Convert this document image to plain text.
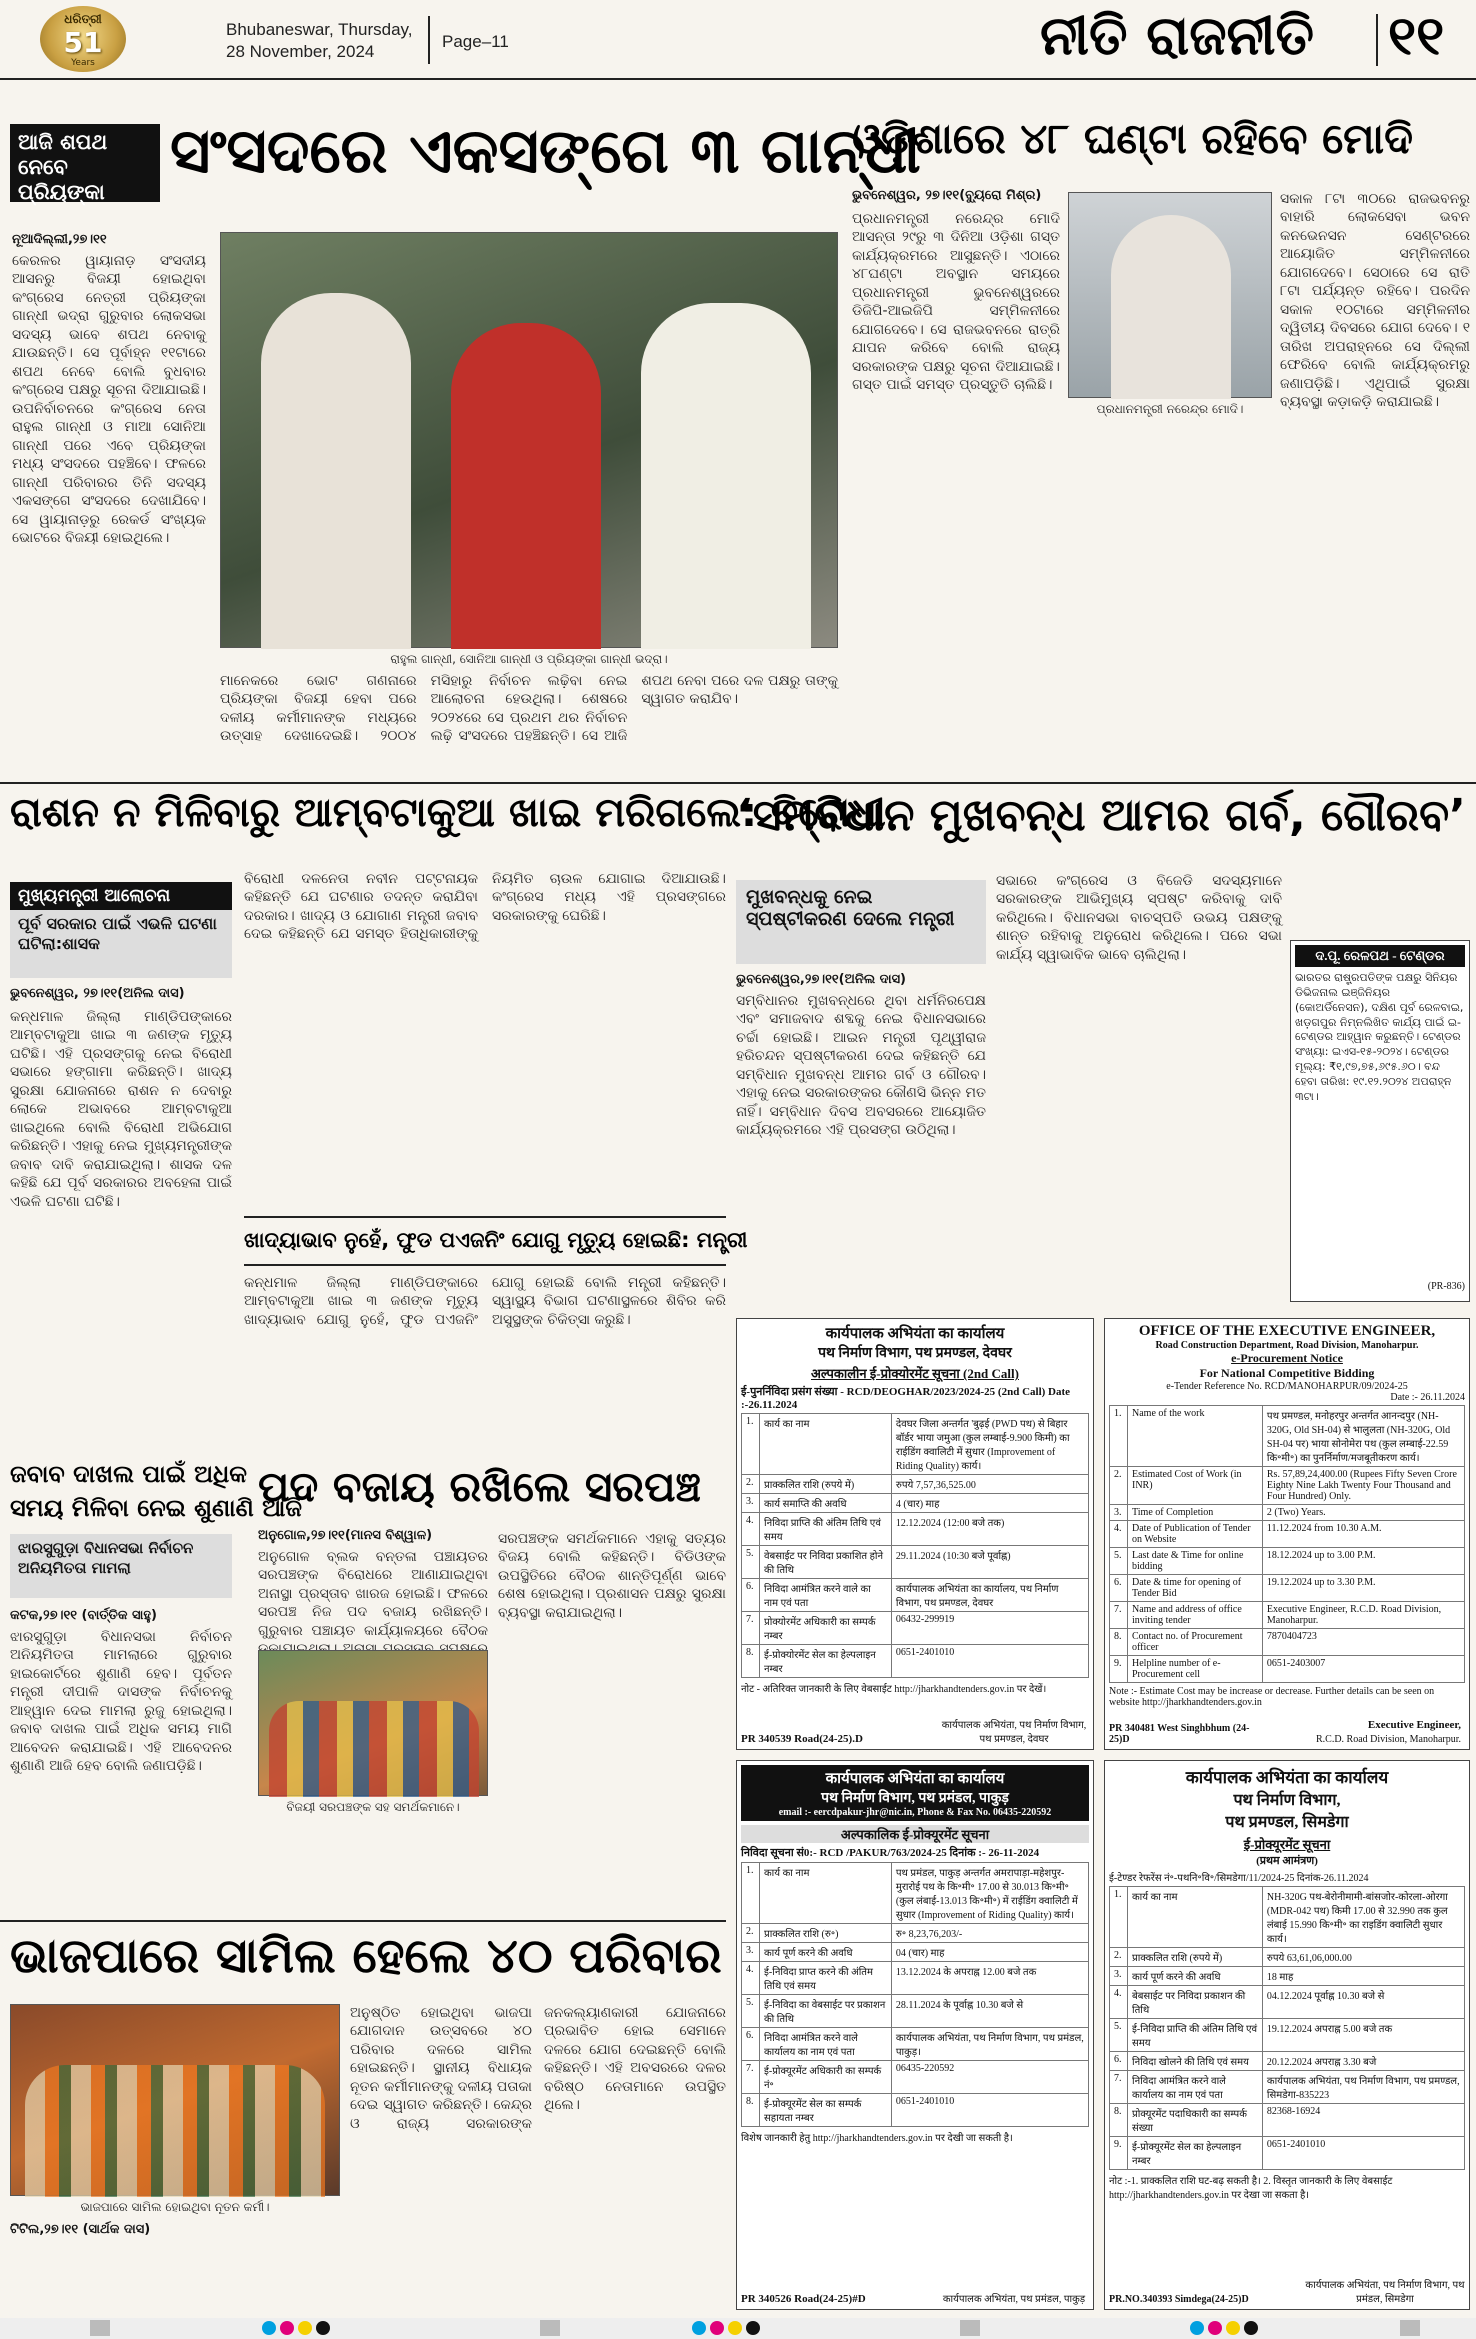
ଧରିତ୍ରୀ
51
Years
Bhubaneswar, Thursday,
28 November, 2024
Page–11	ନୀତି ରାଜନୀତି ୧୧
ଆଜି ଶପଥ
ନେବେ ପ୍ରିୟଙ୍କା
ସଂସଦରେ ଏକସଙ୍ଗେ ୩ ଗାନ୍ଧୀ
ନୂଆଦିଲ୍ଲୀ,୨୭।୧୧
କେରଳର ୱାୟାନାଡ଼ ସଂସଦୀୟ ଆସନରୁ ବିଜୟୀ ହୋଇଥିବା କଂଗ୍ରେସ ନେତ୍ରୀ ପ୍ରିୟଙ୍କା ଗାନ୍ଧୀ ଭଦ୍ରା ଗୁରୁବାର ଲୋକସଭା ସଦସ୍ୟ ଭାବେ ଶପଥ ନେବାକୁ ଯାଉଛନ୍ତି। ସେ ପୂର୍ବାହ୍ନ ୧୧ଟାରେ ଶପଥ ନେବେ ବୋଲି ବୁଧବାର କଂଗ୍ରେସ ପକ୍ଷରୁ ସୂଚନା ଦିଆଯାଇଛି। ଉପନିର୍ବାଚନରେ କଂଗ୍ରେସ ନେତା ରାହୁଲ ଗାନ୍ଧୀ ଓ ମାଆ ସୋନିଆ ଗାନ୍ଧୀ ପରେ ଏବେ ପ୍ରିୟଙ୍କା ମଧ୍ୟ ସଂସଦରେ ପହଞ୍ଚିବେ। ଫଳରେ ଗାନ୍ଧୀ ପରିବାରର ତିନି ସଦସ୍ୟ ଏକସଙ୍ଗେ ସଂସଦରେ ଦେଖାଯିବେ। ସେ ୱାୟାନାଡ଼ରୁ ରେକର୍ଡ ସଂଖ୍ୟକ ଭୋଟରେ ବିଜୟୀ ହୋଇଥିଲେ।
ରାହୁଲ ଗାନ୍ଧୀ, ସୋନିଆ ଗାନ୍ଧୀ ଓ ପ୍ରିୟଙ୍କା ଗାନ୍ଧୀ ଭଦ୍ରା।
ମାନେକରେ ଭୋଟ ଗଣନାରେ ପ୍ରିୟଙ୍କା ବିଜୟୀ ହେବା ପରେ ଦଳୀୟ କର୍ମୀମାନଙ୍କ ମଧ୍ୟରେ ଉତ୍ସାହ ଦେଖାଦେଇଛି। ୨୦୦୪ ମସିହାରୁ ନିର୍ବାଚନ ଲଢ଼ିବା ନେଇ ଆଲୋଚନା ହେଉଥିଲା। ଶେଷରେ ୨୦୨୪ରେ ସେ ପ୍ରଥମ ଥର ନିର୍ବାଚନ ଲଢ଼ି ସଂସଦରେ ପହଞ୍ଚିଛନ୍ତି। ସେ ଆଜି ଶପଥ ନେବା ପରେ ଦଳ ପକ୍ଷରୁ ତାଙ୍କୁ ସ୍ୱାଗତ କରାଯିବ।
ଓଡ଼ିଶାରେ ୪୮ ଘଣ୍ଟା ରହିବେ ମୋଦି
ଭୁବନେଶ୍ୱର, ୨୭।୧୧(ବ୍ୟୁରୋ ମିଶ୍ର)
ପ୍ରଧାନମନ୍ତ୍ରୀ ନରେନ୍ଦ୍ର ମୋଦି ଆସନ୍ତା ୨୯ରୁ ୩ ଦିନିଆ ଓଡ଼ିଶା ଗସ୍ତ କାର୍ଯ୍ୟକ୍ରମରେ ଆସୁଛନ୍ତି। ଏଠାରେ ୪୮ଘଣ୍ଟା ଅବସ୍ଥାନ ସମୟରେ ପ୍ରଧାନମନ୍ତ୍ରୀ ଭୁବନେଶ୍ୱରରେ ଡିଜିପି-ଆଇଜିପି ସମ୍ମିଳନୀରେ ଯୋଗଦେବେ। ସେ ରାଜଭବନରେ ରାତ୍ରି ଯାପନ କରିବେ ବୋଲି ରାଜ୍ୟ ସରକାରଙ୍କ ପକ୍ଷରୁ ସୂଚନା ଦିଆଯାଇଛି। ଗସ୍ତ ପାଇଁ ସମସ୍ତ ପ୍ରସ୍ତୁତି ଚାଲିଛି।
ପ୍ରଧାନମନ୍ତ୍ରୀ ନରେନ୍ଦ୍ର ମୋଦି।
ସକାଳ ୮ଟା ୩୦ରେ ରାଜଭବନରୁ ବାହାରି ଲୋକସେବା ଭବନ କନଭେନସନ ସେଣ୍ଟରରେ ଆୟୋଜିତ ସମ୍ମିଳନୀରେ ଯୋଗଦେବେ। ସେଠାରେ ସେ ରାତି ୮ଟା ପର୍ଯ୍ୟନ୍ତ ରହିବେ। ପରଦିନ ସକାଳ ୧୦ଟାରେ ସମ୍ମିଳନୀର ଦ୍ୱିତୀୟ ଦିବସରେ ଯୋଗ ଦେବେ। ୧ ତାରିଖ ଅପରାହ୍ନରେ ସେ ଦିଲ୍ଲୀ ଫେରିବେ ବୋଲି କାର୍ଯ୍ୟକ୍ରମରୁ ଜଣାପଡ଼ିଛି। ଏଥିପାଇଁ ସୁରକ୍ଷା ବ୍ୟବସ୍ଥା କଡ଼ାକଡ଼ି କରାଯାଇଛି।
ରାଶନ ନ ମିଳିବାରୁ ଆମ୍ବଟାକୁଆ ଖାଇ ମରିଗଲେ: ବିରୋଧୀ
ମୁଖ୍ୟମନ୍ତ୍ରୀ ଆଲୋଚନା
ପୂର୍ବ ସରକାର ପାଇଁ ଏଭଳି ଘଟଣା ଘଟିଲା:ଶାସକ
ଭୁବନେଶ୍ୱର, ୨୭।୧୧(ଅନିଲ ଦାସ)
କନ୍ଧମାଳ ଜିଲ୍ଲା ମାଣ୍ଡିପଙ୍କାରେ ଆମ୍ବଟାକୁଆ ଖାଇ ୩ ଜଣଙ୍କ ମୃତ୍ୟୁ ଘଟିଛି। ଏହି ପ୍ରସଙ୍ଗକୁ ନେଇ ବିରୋଧୀ ସଭାରେ ହଙ୍ଗାମା କରିଛନ୍ତି। ଖାଦ୍ୟ ସୁରକ୍ଷା ଯୋଜନାରେ ରାଶନ ନ ଦେବାରୁ ଲୋକେ ଅଭାବରେ ଆମ୍ବଟାକୁଆ ଖାଇଥିଲେ ବୋଲି ବିରୋଧୀ ଅଭିଯୋଗ କରିଛନ୍ତି। ଏହାକୁ ନେଇ ମୁଖ୍ୟମନ୍ତ୍ରୀଙ୍କ ଜବାବ ଦାବି କରାଯାଇଥିଲା। ଶାସକ ଦଳ କହିଛି ଯେ ପୂର୍ବ ସରକାରର ଅବହେଳା ପାଇଁ ଏଭଳି ଘଟଣା ଘଟିଛି।
ବିରୋଧୀ ଦଳନେତା ନବୀନ ପଟ୍ଟନାୟକ କହିଛନ୍ତି ଯେ ଘଟଣାର ତଦନ୍ତ କରାଯିବା ଦରକାର। ଖାଦ୍ୟ ଓ ଯୋଗାଣ ମନ୍ତ୍ରୀ ଜବାବ ଦେଇ କହିଛନ୍ତି ଯେ ସମସ୍ତ ହିତାଧିକାରୀଙ୍କୁ ନିୟମିତ ଚାଉଳ ଯୋଗାଇ ଦିଆଯାଉଛି। କଂଗ୍ରେସ ମଧ୍ୟ ଏହି ପ୍ରସଙ୍ଗରେ ସରକାରଙ୍କୁ ଘେରିଛି।
ଖାଦ୍ୟାଭାବ ନୁହେଁ, ଫୁଡ ପଏଜନିଂ ଯୋଗୁ ମୃତ୍ୟୁ ହୋଇଛି: ମନ୍ତ୍ରୀ
କନ୍ଧମାଳ ଜିଲ୍ଲା ମାଣ୍ଡିପଙ୍କାରେ ଆମ୍ବଟାକୁଆ ଖାଇ ୩ ଜଣଙ୍କ ମୃତ୍ୟୁ ଖାଦ୍ୟାଭାବ ଯୋଗୁ ନୁହେଁ, ଫୁଡ ପଏଜନିଂ ଯୋଗୁ ହୋଇଛି ବୋଲି ମନ୍ତ୍ରୀ କହିଛନ୍ତି। ସ୍ୱାସ୍ଥ୍ୟ ବିଭାଗ ଘଟଣାସ୍ଥଳରେ ଶିବିର କରି ଅସୁସ୍ଥଙ୍କ ଚିକିତ୍ସା କରୁଛି।
‘ସମ୍ବିଧାନ ମୁଖବନ୍ଧ ଆମର ଗର୍ବ, ଗୌରବ’
ମୁଖବନ୍ଧକୁ ନେଇ
ସ୍ପଷ୍ଟୀକରଣ ଦେଲେ ମନ୍ତ୍ରୀ
ଭୁବନେଶ୍ୱର,୨୭।୧୧(ଅନିଲ ଦାସ)
ସମ୍ବିଧାନର ମୁଖବନ୍ଧରେ ଥିବା ଧର୍ମନିରପେକ୍ଷ ଏବଂ ସମାଜବାଦ ଶବ୍ଦକୁ ନେଇ ବିଧାନସଭାରେ ଚର୍ଚ୍ଚା ହୋଇଛି। ଆଇନ ମନ୍ତ୍ରୀ ପୃଥ୍ୱୀରାଜ ହରିଚନ୍ଦନ ସ୍ପଷ୍ଟୀକରଣ ଦେଇ କହିଛନ୍ତି ଯେ ସମ୍ବିଧାନ ମୁଖବନ୍ଧ ଆମର ଗର୍ବ ଓ ଗୌରବ। ଏହାକୁ ନେଇ ସରକାରଙ୍କର କୌଣସି ଭିନ୍ନ ମତ ନାହିଁ। ସମ୍ବିଧାନ ଦିବସ ଅବସରରେ ଆୟୋଜିତ କାର୍ଯ୍ୟକ୍ରମରେ ଏହି ପ୍ରସଙ୍ଗ ଉଠିଥିଲା।
ସଭାରେ କଂଗ୍ରେସ ଓ ବିଜେଡି ସଦସ୍ୟମାନେ ସରକାରଙ୍କ ଆଭିମୁଖ୍ୟ ସ୍ପଷ୍ଟ କରିବାକୁ ଦାବି କରିଥିଲେ। ବିଧାନସଭା ବାଚସ୍ପତି ଉଭୟ ପକ୍ଷଙ୍କୁ ଶାନ୍ତ ରହିବାକୁ ଅନୁରୋଧ କରିଥିଲେ। ପରେ ସଭା କାର୍ଯ୍ୟ ସ୍ୱାଭାବିକ ଭାବେ ଚାଲିଥିଲା।	ଦ.ପୂ. ରେଳପଥ - ଟେଣ୍ଡର
ଭାରତର ରାଷ୍ଟ୍ରପତିଙ୍କ ପକ୍ଷରୁ ସିନିୟର ଡିଭିଜନାଲ ଇଞ୍ଜିନିୟର (କୋଅର୍ଡିନେସନ), ଦକ୍ଷିଣ ପୂର୍ବ ରେଳବାଇ, ଖଡ଼ଗପୁର ନିମ୍ନଲିଖିତ କାର୍ଯ୍ୟ ପାଇଁ ଇ-ଟେଣ୍ଡର ଆହ୍ୱାନ କରୁଛନ୍ତି। ଟେଣ୍ଡର ସଂଖ୍ୟା: ଇଏସ-୧୫-୨୦୨୪। ଟେଣ୍ଡର ମୂଲ୍ୟ: ₹୧,୯୭,୭୫,୬୯୫.୬୦। ବନ୍ଦ ହେବା ତାରିଖ: ୧୯.୧୨.୨୦୨୪ ଅପରାହ୍ନ ୩ଟା।
(PR-836)
कार्यपालक अभियंता का कार्यालय
पथ निर्माण विभाग, पथ प्रमण्डल, देवघर
अल्पकालीन ई-प्रोक्योरमेंट सूचना (2nd Call)
ई-पुनर्निविदा प्रसंग संख्या - RCD/DEOGHAR/2023/2024-25 (2nd Call) Date :-26.11.2024
1.	कार्य का नाम	देवघर जिला अन्तर्गत 'बुढ़ई (PWD पथ) से बिहार बॉर्डर भाया जमुआ (कुल लम्बाई-9.900 किमी) का राईडिंग क्वालिटी में सुधार (Improvement of Riding Quality) कार्य।
2.	प्राक्कलित राशि (रुपये में)	रुपये 7,57,36,525.00
3.	कार्य समाप्ति की अवधि	4 (चार) माह
4.	निविदा प्राप्ति की अंतिम तिथि एवं समय	12.12.2024 (12:00 बजे तक)
5.	वेबसाईट पर निविदा प्रकाशित होने की तिथि	29.11.2024 (10:30 बजे पूर्वाह्न)
6.	निविदा आमंत्रित करने वाले का नाम एवं पता	कार्यपालक अभियंता का कार्यालय, पथ निर्माण विभाग, पथ प्रमण्डल, देवघर
7.	प्रोक्योरमेंट अधिकारी का सम्पर्क नम्बर	06432-299919
8.	ई-प्रोक्योरमेंट सेल का हेल्पलाइन नम्बर	0651-2401010
नोट - अतिरिक्त जानकारी के लिए वेबसाईट http://jharkhandtenders.gov.in पर देखें।
PR 340539 Road(24-25).D
कार्यपालक अभियंता, पथ निर्माण विभाग, पथ प्रमण्डल, देवघर
OFFICE OF THE EXECUTIVE ENGINEER,
Road Construction Department, Road Division, Manoharpur.
e-Procurement Notice
For National Competitive Bidding
e-Tender Reference No. RCD/MANOHARPUR/09/2024-25
Date :- 26.11.2024
1.	Name of the work	पथ प्रमण्डल, मनोहरपुर अन्तर्गत आनन्दपुर (NH-320G, Old SH-04) से भालुलता (NH-320G, Old SH-04 पर) भाया सोनोमेरा पथ (कुल लम्बाई-22.59 कि॰मी॰) का पुनर्निर्माण/मजबूतीकरण कार्य।
2.	Estimated Cost of Work (in INR)	Rs. 57,89,24,400.00 (Rupees Fifty Seven Crore Eighty Nine Lakh Twenty Four Thousand and Four Hundred) Only.
3.	Time of Completion	2 (Two) Years.
4.	Date of Publication of Tender on Website	11.12.2024 from 10.30 A.M.
5.	Last date & Time for online bidding	18.12.2024 up to 3.00 P.M.
6.	Date & time for opening of Tender Bid	19.12.2024 up to 3.30 P.M.
7.	Name and address of office inviting tender	Executive Engineer, R.C.D. Road Division, Manoharpur.
8.	Contact no. of Procurement officer	7870404723
9.	Helpline number of e-Procurement cell	0651-2403007
Note :- Estimate Cost may be increase or decrease. Further details can be seen on website http://jharkhandtenders.gov.in
PR 340481 West Singhbhum (24-25)D
Executive Engineer,
R.C.D. Road Division, Manoharpur.
ଜବାବ ଦାଖଲ ପାଇଁ ଅଧିକ
ସମୟ ମିଳିବା ନେଇ ଶୁଣାଣି ଆଜି
ଝାରସୁଗୁଡ଼ା ବିଧାନସଭା ନିର୍ବାଚନ ଅନିୟମିତତା ମାମଲା
କଟକ,୨୭।୧୧ (ବାର୍ତ୍ତିକ ସାହୁ)
ଝାରସୁଗୁଡ଼ା ବିଧାନସଭା ନିର୍ବାଚନ ଅନିୟମିତତା ମାମଲାରେ ଗୁରୁବାର ହାଇକୋର୍ଟରେ ଶୁଣାଣି ହେବ। ପୂର୍ବତନ ମନ୍ତ୍ରୀ ଦୀପାଳି ଦାସଙ୍କ ନିର୍ବାଚନକୁ ଆହ୍ୱାନ ଦେଇ ମାମଲା ରୁଜୁ ହୋଇଥିଲା। ଜବାବ ଦାଖଲ ପାଇଁ ଅଧିକ ସମୟ ମାଗି ଆବେଦନ କରାଯାଇଛି। ଏହି ଆବେଦନର ଶୁଣାଣି ଆଜି ହେବ ବୋଲି ଜଣାପଡ଼ିଛି।
ପଦ ବଜାୟ ରଖିଲେ ସରପଞ୍ଚ
ଅନୁଗୋଳ,୨୭।୧୧(ମାନସ ବିଶ୍ୱାଳ)
ଅନୁଗୋଳ ବ୍ଲକ ବନ୍ତଳା ପଞ୍ଚାୟତର ସରପଞ୍ଚଙ୍କ ବିରୋଧରେ ଆଣାଯାଇଥିବା ଅନାସ୍ଥା ପ୍ରସ୍ତାବ ଖାରଜ ହୋଇଛି। ଫଳରେ ସରପଞ୍ଚ ନିଜ ପଦ ବଜାୟ ରଖିଛନ୍ତି। ଗୁରୁବାର ପଞ୍ଚାୟତ କାର୍ଯ୍ୟାଳୟରେ ବୈଠକ
ବିଜୟୀ ସରପଞ୍ଚଙ୍କ ସହ ସମର୍ଥକମାନେ।
ସରପଞ୍ଚଙ୍କ ସମର୍ଥକମାନେ ଏହାକୁ ସତ୍ୟର ବିଜୟ ବୋଲି କହିଛନ୍ତି। ବିଡିଓଙ୍କ ଉପସ୍ଥିତିରେ ବୈଠକ ଶାନ୍ତିପୂର୍ଣ୍ଣ ଭାବେ ଶେଷ ହୋଇଥିଲା। ପ୍ରଶାସନ ପକ୍ଷରୁ ସୁରକ୍ଷା ବ୍ୟବସ୍ଥା କରାଯାଇଥିଲା।
ଭାଜପାରେ ସାମିଲ ହେଲେ ୪୦ ପରିବାର
ଭାଜପାରେ ସାମିଲ ହୋଇଥିବା ନୂତନ କର୍ମୀ।
ଟିଟିଲ,୨୭।୧୧ (ସାର୍ଥକ ଦାସ)
ଅନୁଷ୍ଠିତ ହୋଇଥିବା ଭାଜପା ଯୋଗଦାନ ଉତ୍ସବରେ ୪୦ ପରିବାର ଦଳରେ ସାମିଲ ହୋଇଛନ୍ତି। ସ୍ଥାନୀୟ ବିଧାୟକ ନୂତନ କର୍ମୀମାନଙ୍କୁ ଦଳୀୟ ପତାକା ଦେଇ ସ୍ୱାଗତ କରିଛନ୍ତି। କେନ୍ଦ୍ର ଓ ରାଜ୍ୟ ସରକାରଙ୍କ ଜନକଲ୍ୟାଣକାରୀ ଯୋଜନାରେ ପ୍ରଭାବିତ ହୋଇ ସେମାନେ ଦଳରେ ଯୋଗ ଦେଇଛନ୍ତି ବୋଲି କହିଛନ୍ତି। ଏହି ଅବସରରେ ଦଳର ବରିଷ୍ଠ ନେତାମାନେ ଉପସ୍ଥିତ ଥିଲେ।
कार्यपालक अभियंता का कार्यालय
पथ निर्माण विभाग, पथ प्रमंडल, पाकुड़
email :- eercdpakur-jhr@nic.in, Phone & Fax No. 06435-220592
अल्पकालिक ई-प्रोक्यूरमेंट सूचना
निविदा सूचना सं0:- RCD /PAKUR/763/2024-25 दिनांक :- 26-11-2024
1.	कार्य का नाम	पथ प्रमंडल, पाकुड़ अन्तर्गत अमरापाड़ा-महेशपुर-मुरारोई पथ के कि॰मी॰ 17.00 से 30.013 कि॰मी॰ (कुल लंबाई-13.013 कि॰मी॰) में राईडिंग क्वालिटी में सुधार (Improvement of Riding Quality) कार्य।
2.	प्राक्कलित राशि (रु॰)	रु॰ 8,23,76,203/-
3.	कार्य पूर्ण करने की अवधि	04 (चार) माह
4.	ई-निविदा प्राप्त करने की अंतिम तिथि एवं समय	13.12.2024 के अपराह्न 12.00 बजे तक
5.	ई-निविदा का वेबसाईट पर प्रकाशन की तिथि	28.11.2024 के पूर्वाह्न 10.30 बजे से
6.	निविदा आमंत्रित करने वाले कार्यालय का नाम एवं पता	कार्यपालक अभियंता, पथ निर्माण विभाग, पथ प्रमंडल, पाकुड़।
7.	ई-प्रोक्यूरमेंट अधिकारी का सम्पर्क नं॰	06435-220592
8.	ई-प्रोक्यूरमेंट सेल का सम्पर्क सहायता नम्बर	0651-2401010
विशेष जानकारी हेतु http://jharkhandtenders.gov.in पर देखी जा सकती है।
PR 340526 Road(24-25)#D	कार्यपालक अभियंता, पथ प्रमंडल, पाकुड़
कार्यपालक अभियंता का कार्यालय
पथ निर्माण विभाग,
पथ प्रमण्डल, सिमडेगा
ई-प्रोक्यूरमेंट सूचना
(प्रथम आमंत्रण)
ई-टेण्डर रेफरेंस नं॰-पथनि॰वि॰/सिमडेगा/11/2024-25 दिनांक-26.11.2024
1.	कार्य का नाम	NH-320G पथ-बेरोनीमामी-बांसजोर-कोरला-ओरगा (MDR-042 पथ) किमी 17.00 से 32.990 तक कुल लंबाई 15.990 कि॰मी॰ का राइडिंग क्वालिटी सुधार कार्य।
2.	प्राक्कलित राशि (रुपये में)	रुपये 63,61,06,000.00
3.	कार्य पूर्ण करने की अवधि	18 माह
4.	बेबसाईट पर निविदा प्रकाशन की तिथि	04.12.2024 पूर्वाह्न 10.30 बजे से
5.	ई-निविदा प्राप्ति की अंतिम तिथि एवं समय	19.12.2024 अपराह्न 5.00 बजे तक
6.	निविदा खोलने की तिथि एवं समय	20.12.2024 अपराह्न 3.30 बजे
7.	निविदा आमंत्रित करने वाले कार्यालय का नाम एवं पता	कार्यपालक अभियंता, पथ निर्माण विभाग, पथ प्रमण्डल, सिमडेगा-835223
8.	प्रोक्यूरमेंट पदाधिकारी का सम्पर्क संख्या	82368-16924
9.	ई-प्रोक्यूरमेंट सेल का हेल्पलाइन नम्बर	0651-2401010
नोट :-1. प्राक्कलित राशि घट-बढ़ सकती है। 2. विस्तृत जानकारी के लिए वेबसाईट http://jharkhandtenders.gov.in पर देखा जा सकता है।
PR.NO.340393 Simdega(24-25)D
कार्यपालक अभियंता, पथ निर्माण विभाग, पथ प्रमंडल, सिमडेगा
